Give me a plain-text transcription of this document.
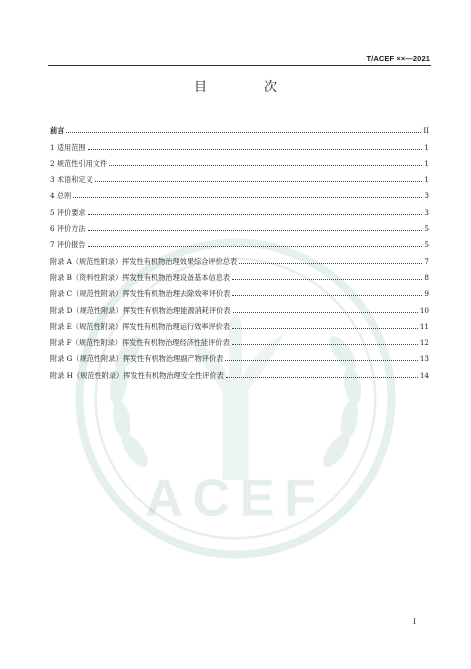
T/ACEF ××—2021
ACEF
目　次
前言	II
1 适用范围	1
2 规范性引用文件	1
3 术语和定义	1
4 总则	3
5 评价要求	3
6 评价方法	5
7 评价报告	5
附录 A（规范性附录）挥发性有机物治理效果综合评价总表	7
附录 B（资料性附录）挥发性有机物治理设备基本信息表	8
附录 C（规范性附录）挥发性有机物治理去除效率评价表	9
附录 D（规范性附录）挥发性有机物治理能源消耗评价表	10
附录 E（规范性附录）挥发性有机物治理运行效率评价表	11
附录 F（规范性附录）挥发性有机物治理经济性能评价表	12
附录 G（规范性附录）挥发性有机物治理副产物评价表	13
附录 H（规范性附录）挥发性有机物治理安全性评价表	14
I
